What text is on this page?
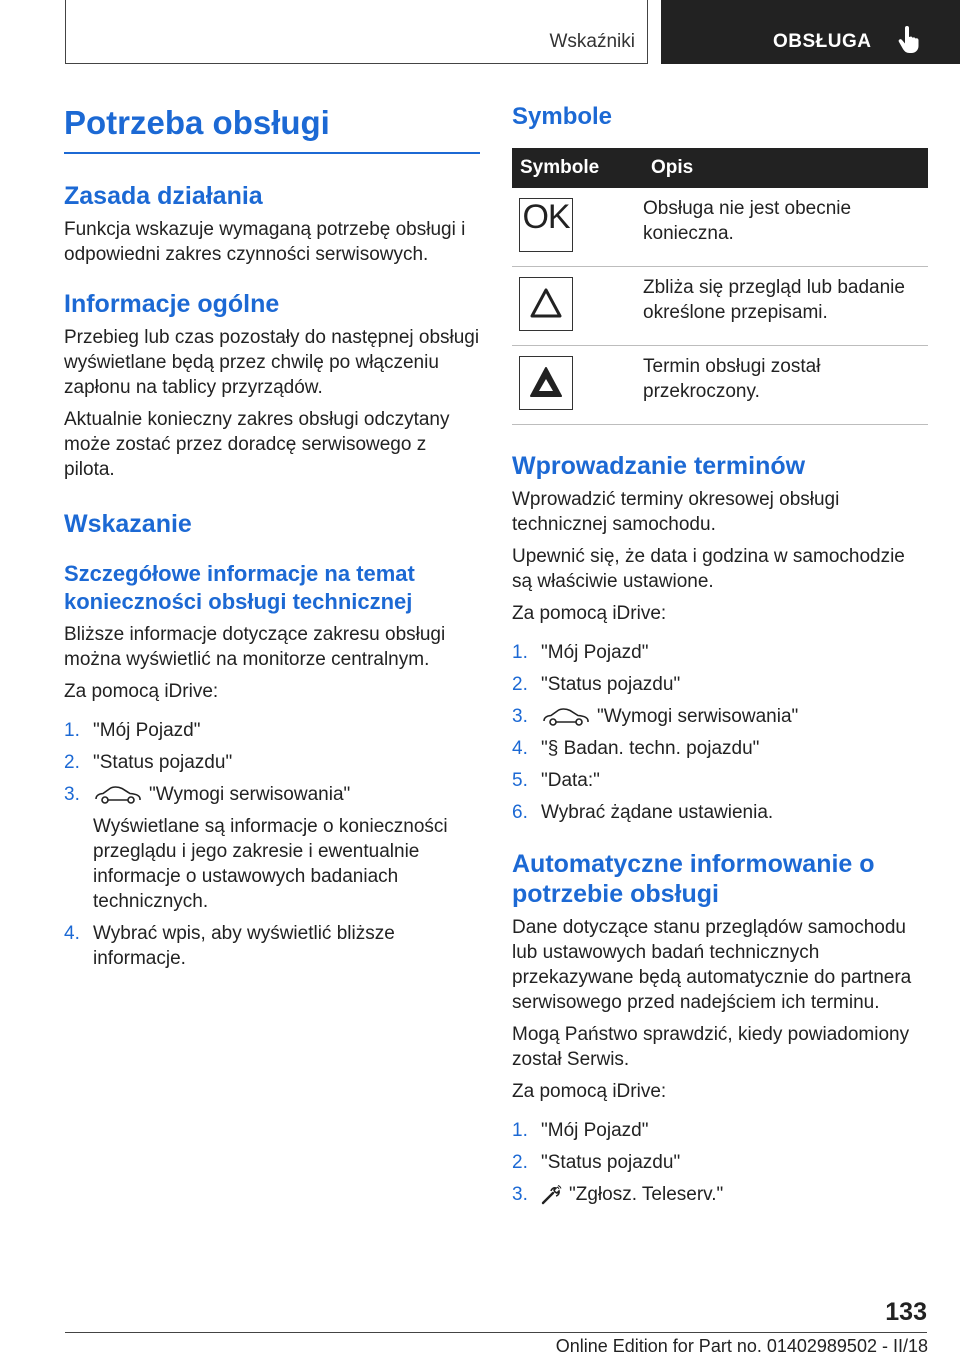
Wskaźniki	OBSŁUGA
Potrzeba obsługi
Zasada działania

Funkcja wskazuje wymaganą potrzebę obsługi i odpowiedni zakres czynności serwisowych.

Informacje ogólne

Przebieg lub czas pozostały do następnej obsługi wyświetlane będą przez chwilę po włączeniu zapłonu na tablicy przyrządów.

Aktualnie konieczny zakres obsługi odczytany może zostać przez doradcę serwisowego z pilota.

Wskazanie
Szczegółowe informacje na temat konieczności obsługi technicznej

Bliższe informacje dotyczące zakresu obsługi można wyświetlić na monitorze centralnym.

Za pomocą iDrive:

1. "Mój Pojazd"
2. "Status pojazdu"
3.	"Wymogi serwisowania"
Wyświetlane są informacje o konieczności przeglądu i jego zakresie i ewentualnie informacje o ustawowych badaniach technicznych.
4. Wybrać wpis, aby wyświetlić bliższe informacje.
Symbole
Symbole	Opis

OK	Obsługa nie jest obecnie konieczna.

	Zbliża się przegląd lub badanie określone przepisami.

	Termin obsługi został przekroczony.
Wprowadzanie terminów

Wprowadzić terminy okresowej obsługi technicznej samochodu.

Upewnić się, że data i godzina w samochodzie są właściwie ustawione.

Za pomocą iDrive:

1. "Mój Pojazd"
2. "Status pojazdu"
3.	"Wymogi serwisowania"
4. "§ Badan. techn. pojazdu"
5. "Data:"
6. Wybrać żądane ustawienia.
Automatyczne informowanie o potrzebie obsługi

Dane dotyczące stanu przeglądów samochodu lub ustawowych badań technicznych przekazywane będą automatycznie do partnera serwisowego przed nadejściem ich terminu.

Mogą Państwo sprawdzić, kiedy powiadomiony został Serwis.

Za pomocą iDrive:

1. "Mój Pojazd"
2. "Status pojazdu"
3. "Zgłosz. Teleserv."
133
Online Edition for Part no. 01402989502 - II/18
